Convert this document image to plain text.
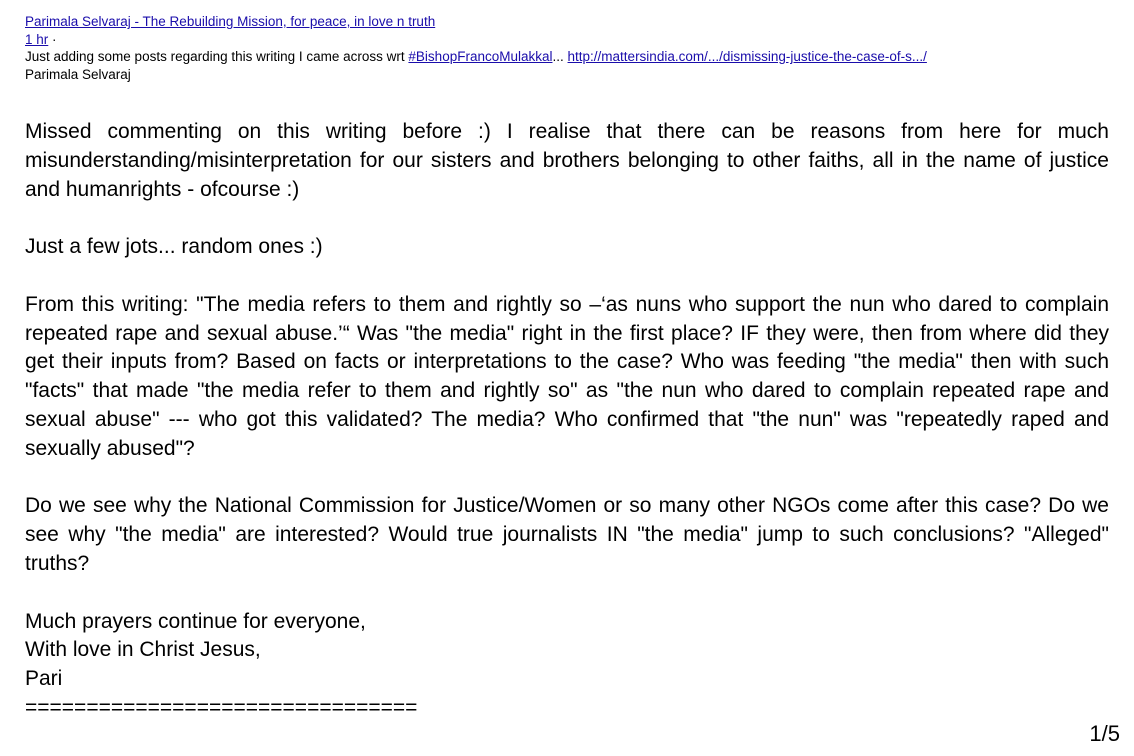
Parimala Selvaraj - The Rebuilding Mission, for peace, in love n truth
1 hr ·
Just adding some posts regarding this writing I came across wrt #BishopFrancoMulakkal... http://mattersindia.com/.../dismissing-justice-the-case-of-s.../
Parimala Selvaraj

Missed commenting on this writing before :) I realise that there can be reasons from here for much misunderstanding/misinterpretation for our sisters and brothers belonging to other faiths, all in the name of justice and humanrights - ofcourse :)

Just a few jots... random ones :)

From this writing: "The media refers to them and rightly so –‘as nuns who support the nun who dared to complain repeated rape and sexual abuse.’“ Was "the media" right in the first place? IF they were, then from where did they get their inputs from? Based on facts or interpretations to the case? Who was feeding "the media" then with such "facts" that made "the media refer to them and rightly so" as "the nun who dared to complain repeated rape and sexual abuse" --- who got this validated? The media? Who confirmed that "the nun" was "repeatedly raped and sexually abused"?

Do we see why the National Commission for Justice/Women or so many other NGOs come after this case? Do we see why "the media" are interested? Would true journalists IN "the media" jump to such conclusions? "Alleged" truths?

Much prayers continue for everyone,

With love in Christ Jesus,

Pari

================================

1/5
